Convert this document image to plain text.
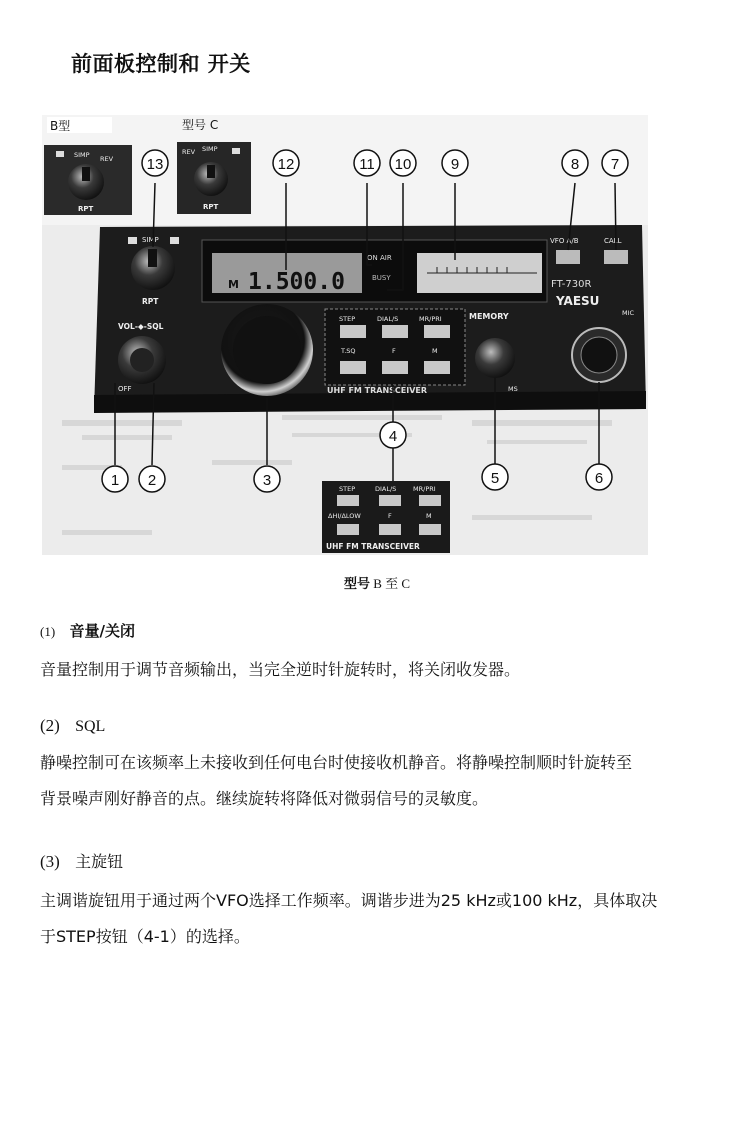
前面板控制和 开关
B型
SIMP REV
RPT
型号 C
REV SIMP
RPT
SIMP
RPT
VOL-◆-SQL
OFF
M 1.500.0
ON AIR
BUSY
VFO A/B	CALL
FT-730R
YAESU
STEP	DIAL/S	MR/PRI
T.SQ	F	M
UHF FM TRANSCEIVER
MEMORY
MS
MIC
13	12	11 10	9	8 7
1 2	3
4
5	6
STEP	DIAL/S	MR/PRI
ΔHI/ΔLOW	F	M
UHF FM TRANSCEIVER
型号 B 至 C
(1) 音量/关闭
音量控制用于调节音频输出，当完全逆时针旋转时，将关闭收发器。
(2) SQL
静噪控制可在该频率上未接收到任何电台时使接收机静音。将静噪控制顺时针旋转至
背景噪声刚好静音的点。继续旋转将降低对微弱信号的灵敏度。
(3) 主旋钮
主调谐旋钮用于通过两个VFO选择工作频率。调谐步进为25 kHz或100 kHz，具体取决
于STEP按钮（4-1）的选择。
